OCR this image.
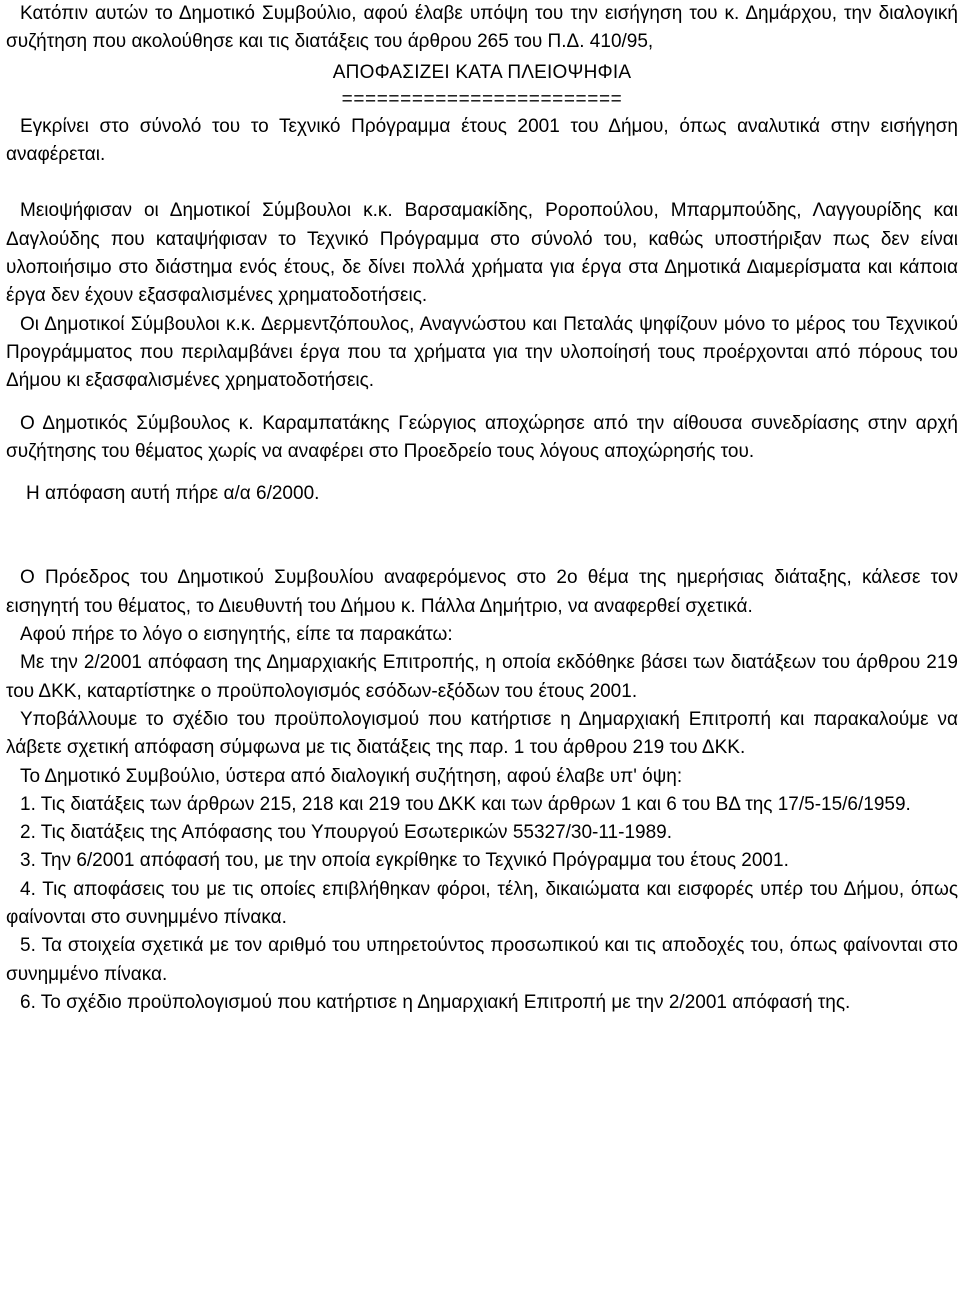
Κατόπιν αυτών το Δημοτικό Συμβούλιο, αφού έλαβε υπόψη του την εισήγηση του κ. Δημάρχου, την διαλογική συζήτηση που ακολούθησε και τις διατάξεις του άρθρου 265 του Π.Δ. 410/95,

ΑΠΟΦΑΣΙΖΕΙ ΚΑΤΑ ΠΛΕΙΟΨΗΦΙΑ

========================

Εγκρίνει στο σύνολό του το Τεχνικό Πρόγραμμα έτους 2001 του Δήμου, όπως αναλυτικά στην εισήγηση αναφέρεται.

Μειοψήφισαν οι Δημοτικοί Σύμβουλοι κ.κ. Βαρσαμακίδης, Ροροπούλου, Μπαρμπούδης, Λαγγουρίδης και Δαγλούδης που καταψήφισαν το Τεχνικό Πρόγραμμα στο σύνολό του, καθώς υποστήριξαν πως δεν είναι υλοποιήσιμο στο διάστημα ενός έτους, δε δίνει πολλά χρήματα για έργα στα Δημοτικά Διαμερίσματα και κάποια έργα δεν έχουν εξασφαλισμένες χρηματοδοτήσεις.

Οι Δημοτικοί Σύμβουλοι κ.κ. Δερμεντζόπουλος, Αναγνώστου και Πεταλάς ψηφίζουν μόνο το μέρος του Τεχνικού Προγράμματος που περιλαμβάνει έργα που τα χρήματα για την υλοποίησή τους προέρχονται από πόρους του Δήμου κι εξασφαλισμένες χρηματοδοτήσεις.

Ο Δημοτικός Σύμβουλος κ. Καραμπατάκης Γεώργιος αποχώρησε από την αίθουσα συνεδρίασης στην αρχή συζήτησης του θέματος χωρίς να αναφέρει στο Προεδρείο τους λόγους αποχώρησής του.

Η απόφαση αυτή πήρε α/α 6/2000.

Ο Πρόεδρος του Δημοτικού Συμβουλίου αναφερόμενος στο 2ο θέμα της ημερήσιας διάταξης, κάλεσε τον εισηγητή του θέματος, το Διευθυντή του Δήμου κ. Πάλλα Δημήτριο, να αναφερθεί σχετικά.

Αφού πήρε το λόγο ο εισηγητής, είπε τα παρακάτω:

Με την 2/2001 απόφαση της Δημαρχιακής Επιτροπής, η οποία εκδόθηκε βάσει των διατάξεων του άρθρου 219 του ΔΚΚ, καταρτίστηκε ο προϋπολογισμός εσόδων-εξόδων του έτους 2001.

Υποβάλλουμε το σχέδιο του προϋπολογισμού που κατήρτισε η Δημαρχιακή Επιτροπή και παρακαλούμε να λάβετε σχετική απόφαση σύμφωνα με τις διατάξεις της παρ. 1 του άρθρου 219 του ΔΚΚ.

Το Δημοτικό Συμβούλιο, ύστερα από διαλογική συζήτηση, αφού έλαβε υπ' όψη:

1. Τις διατάξεις των άρθρων 215, 218 και 219 του ΔΚΚ και των άρθρων 1 και 6 του ΒΔ της 17/5-15/6/1959.

2. Τις διατάξεις της Απόφασης του Υπουργού Εσωτερικών 55327/30-11-1989.

3. Την 6/2001 απόφασή του, με την οποία εγκρίθηκε το Τεχνικό Πρόγραμμα του έτους 2001.

4. Τις αποφάσεις του με τις οποίες επιβλήθηκαν φόροι, τέλη, δικαιώματα και εισφορές υπέρ του Δήμου, όπως φαίνονται στο συνημμένο πίνακα.

5. Τα στοιχεία σχετικά με τον αριθμό του υπηρετούντος προσωπικού και τις αποδοχές του, όπως φαίνονται στο συνημμένο πίνακα.

6. Το σχέδιο προϋπολογισμού που κατήρτισε η Δημαρχιακή Επιτροπή με την 2/2001 απόφασή της.
